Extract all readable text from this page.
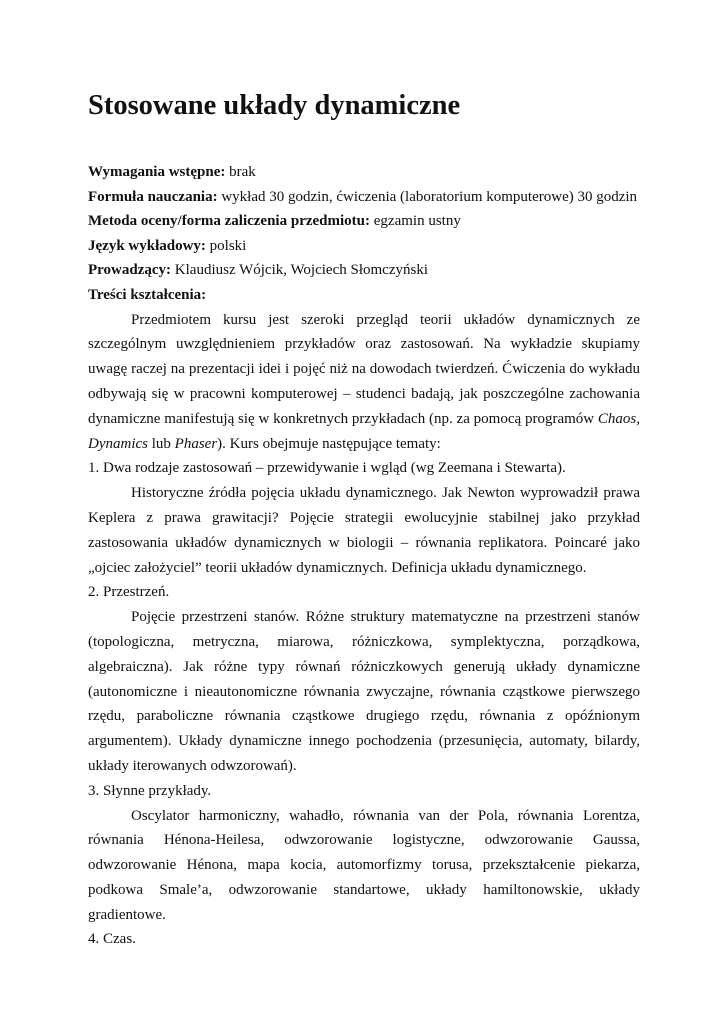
Stosowane układy dynamiczne
Wymagania wstępne: brak
Formuła nauczania: wykład 30 godzin, ćwiczenia (laboratorium komputerowe) 30 godzin
Metoda oceny/forma zaliczenia przedmiotu: egzamin ustny
Język wykładowy: polski
Prowadzący: Klaudiusz Wójcik, Wojciech Słomczyński
Treści kształcenia:

Przedmiotem kursu jest szeroki przegląd teorii układów dynamicznych ze szczególnym uwzględnieniem przykładów oraz zastosowań. Na wykładzie skupiamy uwagę raczej na prezentacji idei i pojęć niż na dowodach twierdzeń. Ćwiczenia do wykładu odbywają się w pracowni komputerowej – studenci badają, jak poszczególne zachowania dynamiczne manifestują się w konkretnych przykładach (np. za pomocą programów Chaos, Dynamics lub Phaser). Kurs obejmuje następujące tematy:

1. Dwa rodzaje zastosowań – przewidywanie i wgląd (wg Zeemana i Stewarta).

Historyczne źródła pojęcia układu dynamicznego. Jak Newton wyprowadził prawa Keplera z prawa grawitacji? Pojęcie strategii ewolucyjnie stabilnej jako przykład zastosowania układów dynamicznych w biologii – równania replikatora. Poincaré jako „ojciec założyciel” teorii układów dynamicznych. Definicja układu dynamicznego.

2. Przestrzeń.

Pojęcie przestrzeni stanów. Różne struktury matematyczne na przestrzeni stanów (topologiczna, metryczna, miarowa, różniczkowa, symplektyczna, porządkowa, algebraiczna). Jak różne typy równań różniczkowych generują układy dynamiczne (autonomiczne i nieautonomiczne równania zwyczajne, równania cząstkowe pierwszego rzędu, paraboliczne równania cząstkowe drugiego rzędu, równania z opóźnionym argumentem). Układy dynamiczne innego pochodzenia (przesunięcia, automaty, bilardy, układy iterowanych odwzorowań).

3. Słynne przykłady.

Oscylator harmoniczny, wahadło, równania van der Pola, równania Lorentza, równania Hénona-Heilesa, odwzorowanie logistyczne, odwzorowanie Gaussa, odwzorowanie Hénona, mapa kocia, automorfizmy torusa, przekształcenie piekarza, podkowa Smale’a, odwzorowanie standartowe, układy hamiltonowskie, układy gradientowe.

4. Czas.
